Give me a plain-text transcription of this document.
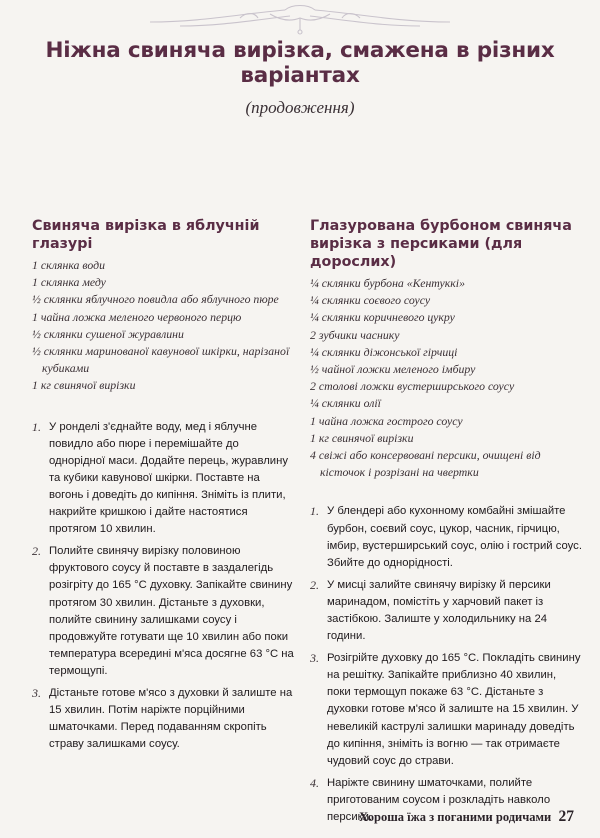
Ніжна свиняча вирізка, смажена в різних варіантах
(продовження)
Свиняча вирізка в яблучній глазурі
1 склянка води
1 склянка меду
½ склянки яблучного повидла або яблучного пюре
1 чайна ложка меленого червоного перцю
½ склянки сушеної журавлини
½ склянки маринованої кавунової шкірки, нарізаної кубиками
1 кг свинячої вирізки
1. У ронделі з'єднайте воду, мед і яблучне повидло або пюре і перемішайте до однорідної маси. Додайте перець, журавлину та кубики кавунової шкірки. Поставте на вогонь і доведіть до кипіння. Зніміть із плити, накрийте кришкою і дайте настоятися протягом 10 хвилин.
2. Полийте свинячу вирізку половиною фруктового соусу й поставте в заздалегідь розігріту до 165 °С духовку. Запікайте свинину протягом 30 хвилин. Дістаньте з духовки, полийте свинину залишками соусу і продовжуйте готувати ще 10 хвилин або поки температура всередині м'яса досягне 63 °С на термощупі.
3. Дістаньте готове м'ясо з духовки й залиште на 15 хвилин. Потім наріжте порційними шматочками. Перед подаванням скропіть страву залишками соусу.
Глазурована бурбоном свиняча вирізка з персиками (для дорослих)
¼ склянки бурбона «Кентуккі»
¼ склянки соєвого соусу
¼ склянки коричневого цукру
2 зубчики часнику
¼ склянки діжонської гірчиці
½ чайної ложки меленого імбиру
2 столові ложки вустерширського соусу
¼ склянки олії
1 чайна ложка гострого соусу
1 кг свинячої вирізки
4 свіжі або консервовані персики, очищені від кісточок і розрізані на чвертки
1. У блендері або кухонному комбайні змішайте бурбон, соєвий соус, цукор, часник, гірчицю, імбир, вустерширський соус, олію і гострий соус. Збийте до однорідності.
2. У мисці залийте свинячу вирізку й персики маринадом, помістіть у харчовий пакет із застібкою. Залиште у холодильнику на 24 години.
3. Розігрійте духовку до 165 °С. Покладіть свинину на решітку. Запікайте приблизно 40 хвилин, поки термощуп покаже 63 °С. Дістаньте з духовки готове м'ясо й залиште на 15 хвилин. У невеликій каструлі залишки маринаду доведіть до кипіння, зніміть із вогню — так отримаєте чудовий соус до страви.
4. Наріжте свинину шматочками, полийте приготованим соусом і розкладіть навколо персики.
Хороша їжа з поганими родичами 27
